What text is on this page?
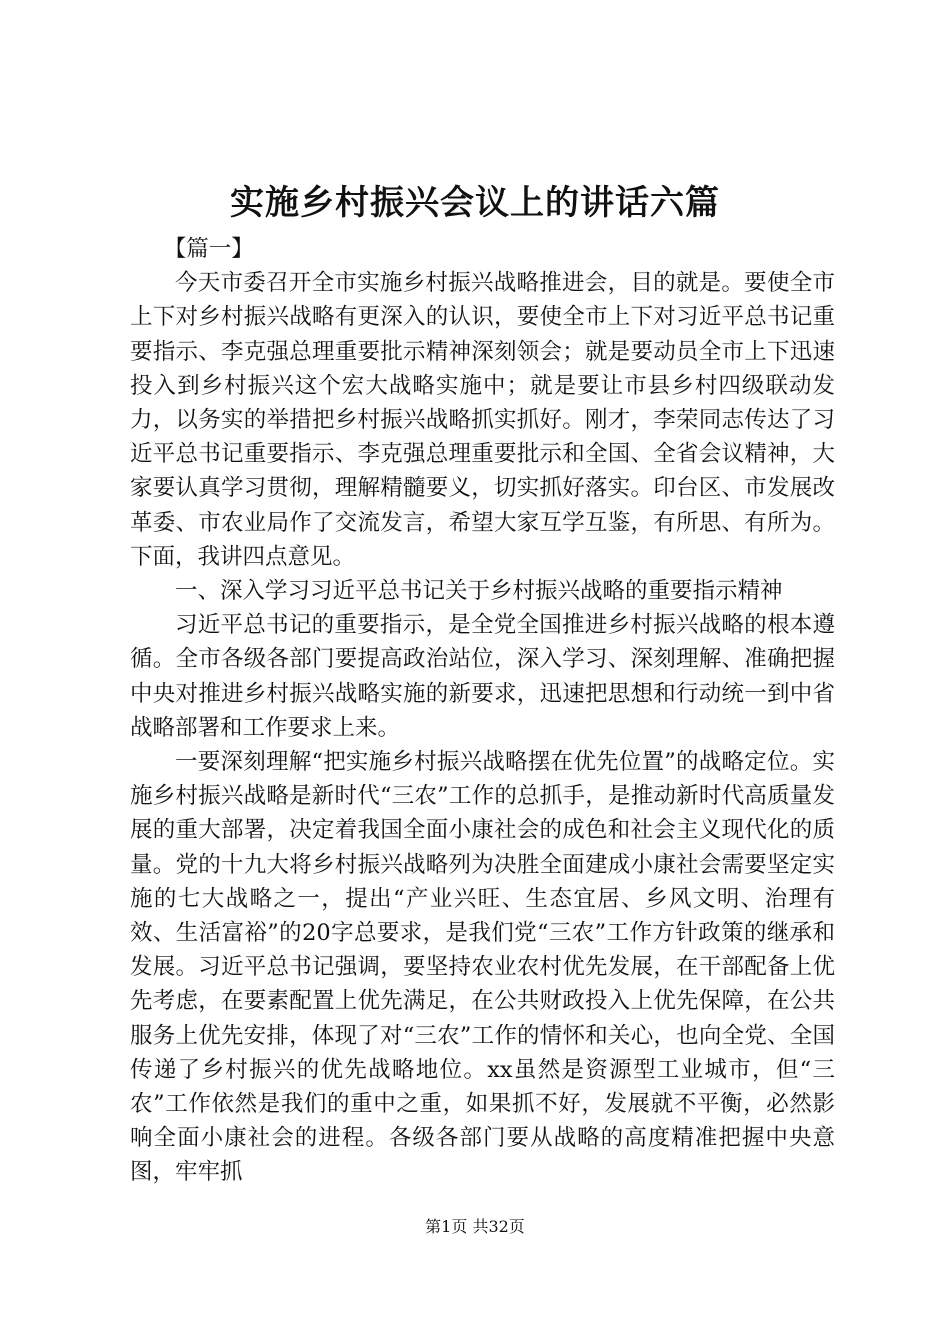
实施乡村振兴会议上的讲话六篇

【篇一】

今天市委召开全市实施乡村振兴战略推进会，目的就是。要使全市上下对乡村振兴战略有更深入的认识，要使全市上下对习近平总书记重要指示、李克强总理重要批示精神深刻领会；就是要动员全市上下迅速投入到乡村振兴这个宏大战略实施中；就是要让市县乡村四级联动发力，以务实的举措把乡村振兴战略抓实抓好。刚才，李荣同志传达了习近平总书记重要指示、李克强总理重要批示和全国、全省会议精神，大家要认真学习贯彻，理解精髓要义，切实抓好落实。印台区、市发展改革委、市农业局作了交流发言，希望大家互学互鉴，有所思、有所为。下面，我讲四点意见。

一、深入学习习近平总书记关于乡村振兴战略的重要指示精神

习近平总书记的重要指示，是全党全国推进乡村振兴战略的根本遵循。全市各级各部门要提高政治站位，深入学习、深刻理解、准确把握中央对推进乡村振兴战略实施的新要求，迅速把思想和行动统一到中省战略部署和工作要求上来。

一要深刻理解“把实施乡村振兴战略摆在优先位置”的战略定位。实施乡村振兴战略是新时代“三农”工作的总抓手，是推动新时代高质量发展的重大部署，决定着我国全面小康社会的成色和社会主义现代化的质量。党的十九大将乡村振兴战略列为决胜全面建成小康社会需要坚定实施的七大战略之一，提出“产业兴旺、生态宜居、乡风文明、治理有效、生活富裕”的20字总要求，是我们党“三农”工作方针政策的继承和发展。习近平总书记强调，要坚持农业农村优先发展，在干部配备上优先考虑，在要素配置上优先满足，在公共财政投入上优先保障，在公共服务上优先安排，体现了对“三农”工作的情怀和关心，也向全党、全国传递了乡村振兴的优先战略地位。xx虽然是资源型工业城市，但“三农”工作依然是我们的重中之重，如果抓不好，发展就不平衡，必然影响全面小康社会的进程。各级各部门要从战略的高度精准把握中央意图，牢牢抓

第1页 共32页
